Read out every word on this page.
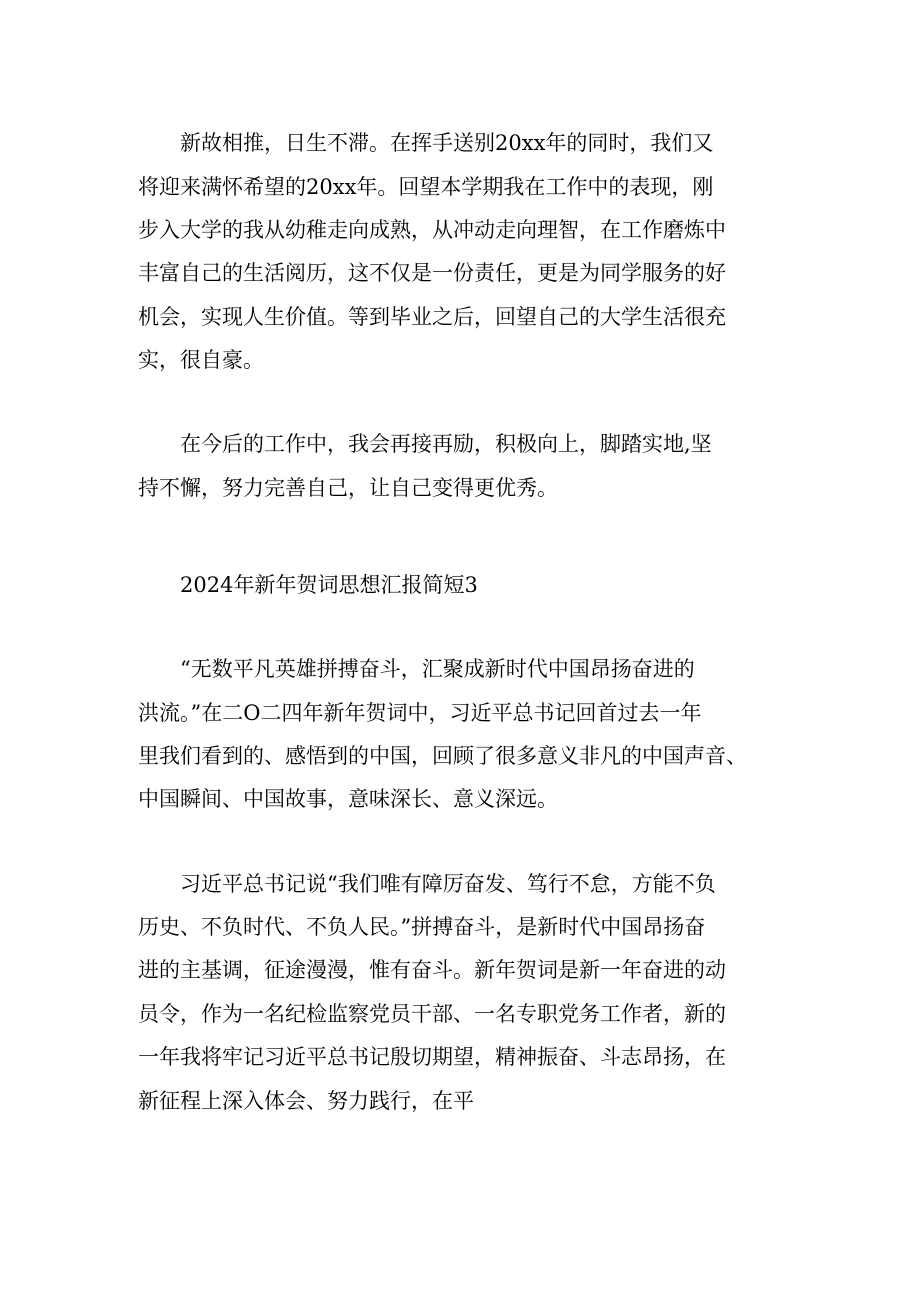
　　新故相推，日生不滞。在挥手送别20xx年的同时，我们又
将迎来满怀希望的20xx年。回望本学期我在工作中的表现，刚
步入大学的我从幼稚走向成熟，从冲动走向理智，在工作磨炼中
丰富自己的生活阅历，这不仅是一份责任，更是为同学服务的好
机会，实现人生价值。等到毕业之后，回望自己的大学生活很充
实，很自豪。
　　在今后的工作中，我会再接再励，积极向上，脚踏实地,坚
持不懈，努力完善自己，让自己变得更优秀。
　　2024年新年贺词思想汇报简短3
　　“无数平凡英雄拼搏奋斗，汇聚成新时代中国昂扬奋进的
洪流。”在二O二四年新年贺词中，习近平总书记回首过去一年
里我们看到的、感悟到的中国，回顾了很多意义非凡的中国声音、
中国瞬间、中国故事，意味深长、意义深远。
　　习近平总书记说“我们唯有障厉奋发、笃行不怠，方能不负
历史、不负时代、不负人民。”拼搏奋斗，是新时代中国昂扬奋
进的主基调，征途漫漫，惟有奋斗。新年贺词是新一年奋进的动
员令，作为一名纪检监察党员干部、一名专职党务工作者，新的
一年我将牢记习近平总书记殷切期望，精神振奋、斗志昂扬，在
新征程上深入体会、努力践行，在平
